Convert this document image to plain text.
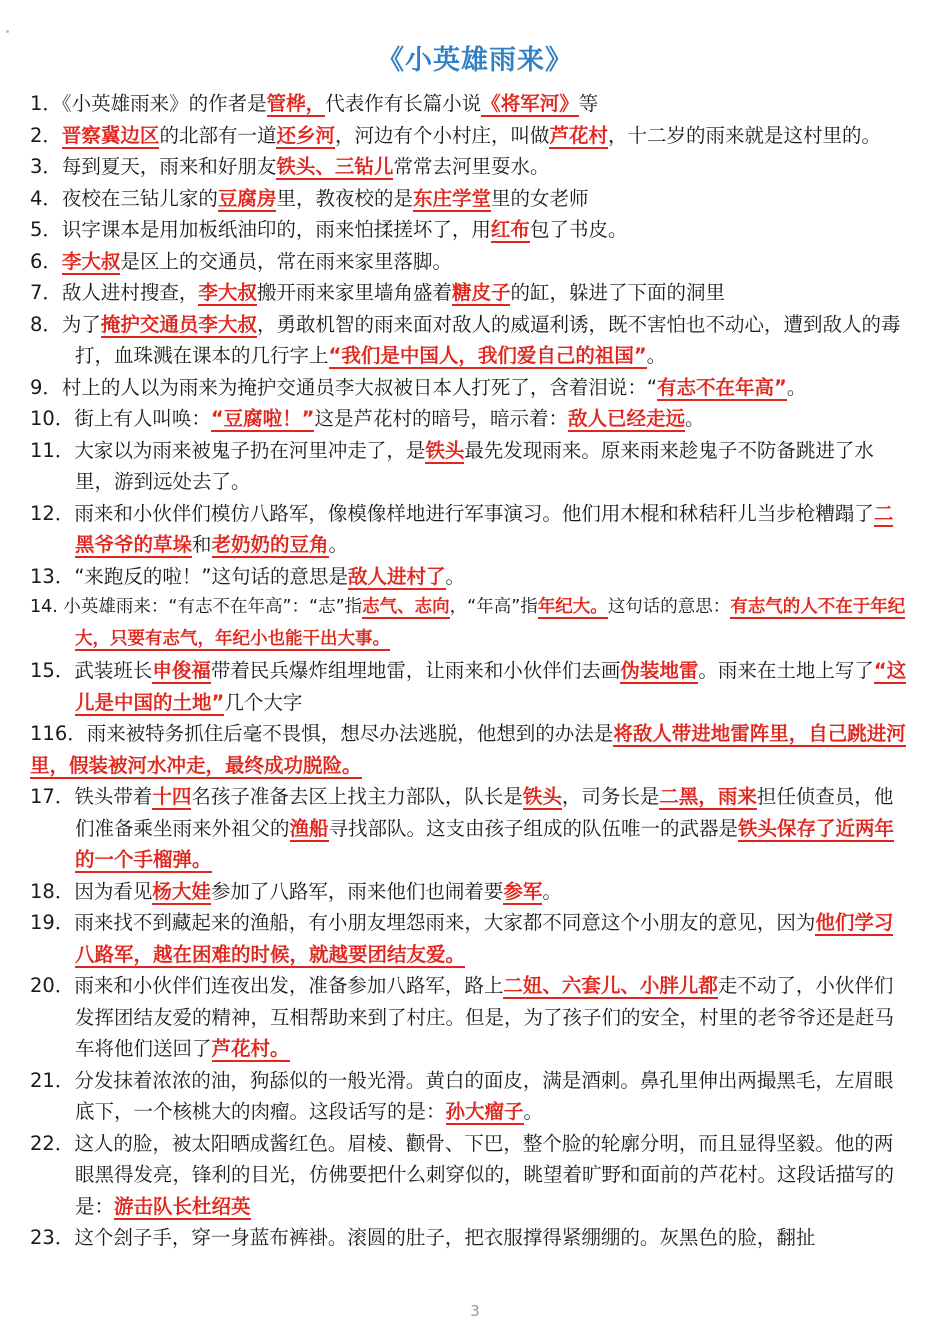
《小英雄雨来》
1．《小英雄雨来》的作者是管桦，代表作有长篇小说《将军河》等
2．晋察冀边区的北部有一道还乡河，河边有个小村庄，叫做芦花村，十二岁的雨来就是这村里的。
3．每到夏天，雨来和好朋友铁头、三钻儿常常去河里耍水。
4．夜校在三钻儿家的豆腐房里，教夜校的是东庄学堂里的女老师
5．识字课本是用加板纸油印的，雨来怕揉搓坏了，用红布包了书皮。
6．李大叔是区上的交通员，常在雨来家里落脚。
7．敌人进村搜查，李大叔搬开雨来家里墙角盛着糖皮子的缸，躲进了下面的洞里
8．为了掩护交通员李大叔，勇敢机智的雨来面对敌人的威逼利诱，既不害怕也不动心，遭到敌人的毒打，血珠溅在课本的几行字上“我们是中国人，我们爱自己的祖国”。
9．村上的人以为雨来为掩护交通员李大叔被日本人打死了，含着泪说：“有志不在年高”。
10．街上有人叫唤：“豆腐啦！”这是芦花村的暗号，暗示着：敌人已经走远。
11．大家以为雨来被鬼子扔在河里冲走了，是铁头最先发现雨来。原来雨来趁鬼子不防备跳进了水里，游到远处去了。
12．雨来和小伙伴们模仿八路军，像模像样地进行军事演习。他们用木棍和秫秸秆儿当步枪糟蹋了二黑爷爷的草垛和老奶奶的豆角。
13．“来跑反的啦！”这句话的意思是敌人进村了。
14. 小英雄雨来：“有志不在年高”：“志”指志气、志向，“年高”指年纪大。这句话的意思：有志气的人不在于年纪大，只要有志气，年纪小也能干出大事。
15．武装班长申俊福带着民兵爆炸组埋地雷，让雨来和小伙伴们去画伪装地雷。雨来在土地上写了“这儿是中国的土地”几个大字
116．雨来被特务抓住后毫不畏惧，想尽办法逃脱，他想到的办法是将敌人带进地雷阵里，自己跳进河里，假装被河水冲走，最终成功脱险。
17．铁头带着十四名孩子准备去区上找主力部队，队长是铁头，司务长是二黑，雨来担任侦查员，他们准备乘坐雨来外祖父的渔船寻找部队。这支由孩子组成的队伍唯一的武器是铁头保存了近两年的一个手榴弹。
18．因为看见杨大娃参加了八路军，雨来他们也闹着要参军。
19．雨来找不到藏起来的渔船，有小朋友埋怨雨来，大家都不同意这个小朋友的意见，因为他们学习八路军，越在困难的时候，就越要团结友爱。
20．雨来和小伙伴们连夜出发，准备参加八路军，路上二妞、六套儿、小胖儿都走不动了，小伙伴们发挥团结友爱的精神，互相帮助来到了村庄。但是，为了孩子们的安全，村里的老爷爷还是赶马车将他们送回了芦花村。
21．分发抹着浓浓的油，狗舔似的一般光滑。黄白的面皮，满是酒刺。鼻孔里伸出两撮黑毛，左眉眼底下，一个核桃大的肉瘤。这段话写的是：孙大瘤子。
22．这人的脸，被太阳晒成酱红色。眉棱、颧骨、下巴，整个脸的轮廓分明，而且显得坚毅。他的两眼黑得发亮，锋利的目光，仿佛要把什么刺穿似的，眺望着旷野和面前的芦花村。这段话描写的是：游击队长杜绍英
23．这个刽子手，穿一身蓝布裤褂。滚圆的肚子，把衣服撑得紧绷绷的。灰黑色的脸，翻扯
3
